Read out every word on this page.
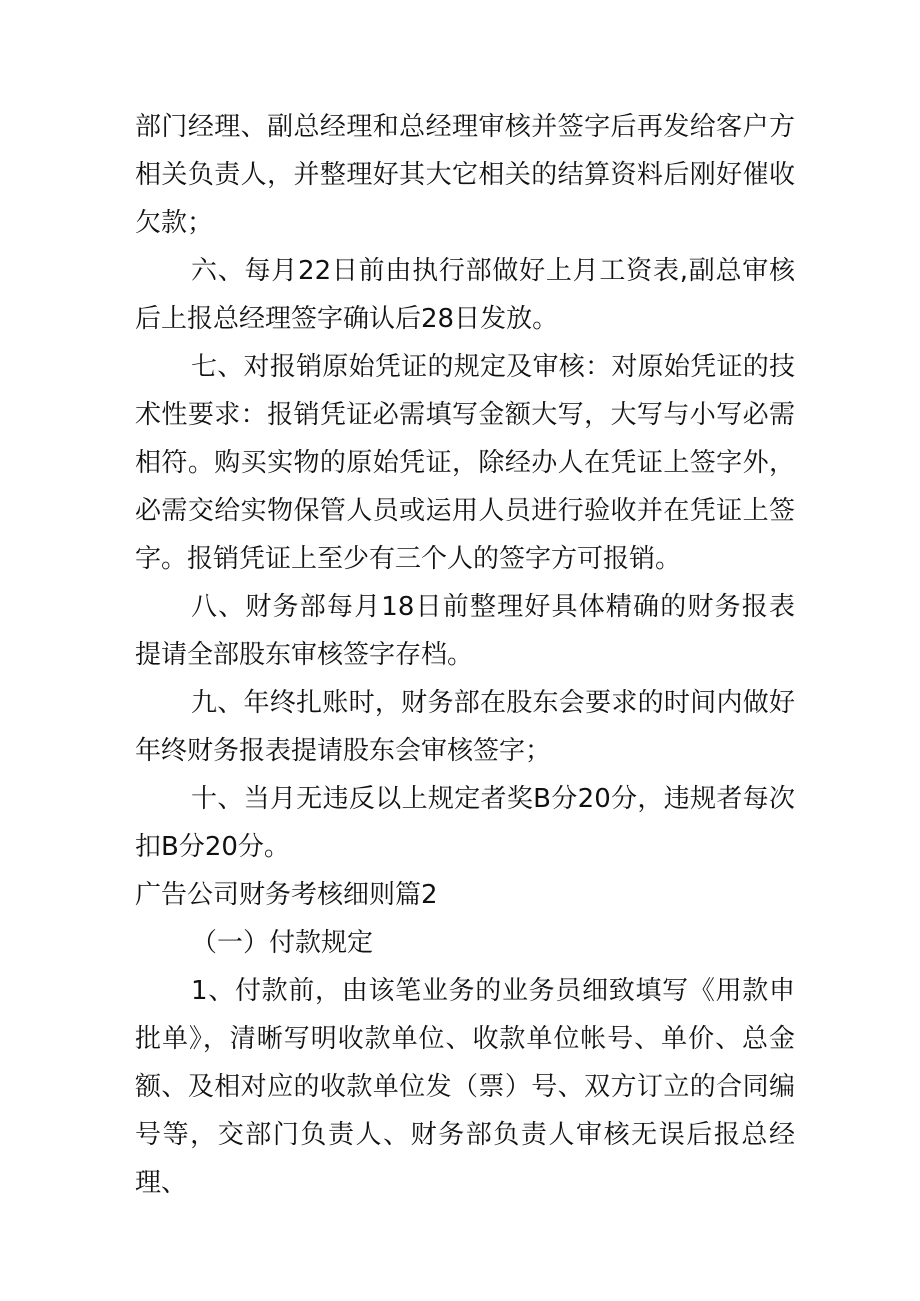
部门经理、副总经理和总经理审核并签字后再发给客户方相关负责人，并整理好其大它相关的结算资料后刚好催收欠款；

六、每月22日前由执行部做好上月工资表,副总审核后上报总经理签字确认后28日发放。

七、对报销原始凭证的规定及审核：对原始凭证的技术性要求：报销凭证必需填写金额大写，大写与小写必需相符。购买实物的原始凭证，除经办人在凭证上签字外，必需交给实物保管人员或运用人员进行验收并在凭证上签字。报销凭证上至少有三个人的签字方可报销。

八、财务部每月18日前整理好具体精确的财务报表提请全部股东审核签字存档。

九、年终扎账时，财务部在股东会要求的时间内做好年终财务报表提请股东会审核签字；

十、当月无违反以上规定者奖B分20分，违规者每次扣B分20分。

广告公司财务考核细则篇2

（一）付款规定

1、付款前，由该笔业务的业务员细致填写《用款申批单》，清晰写明收款单位、收款单位帐号、单价、总金额、及相对应的收款单位发（票）号、双方订立的合同编号等，交部门负责人、财务部负责人审核无误后报总经理、
